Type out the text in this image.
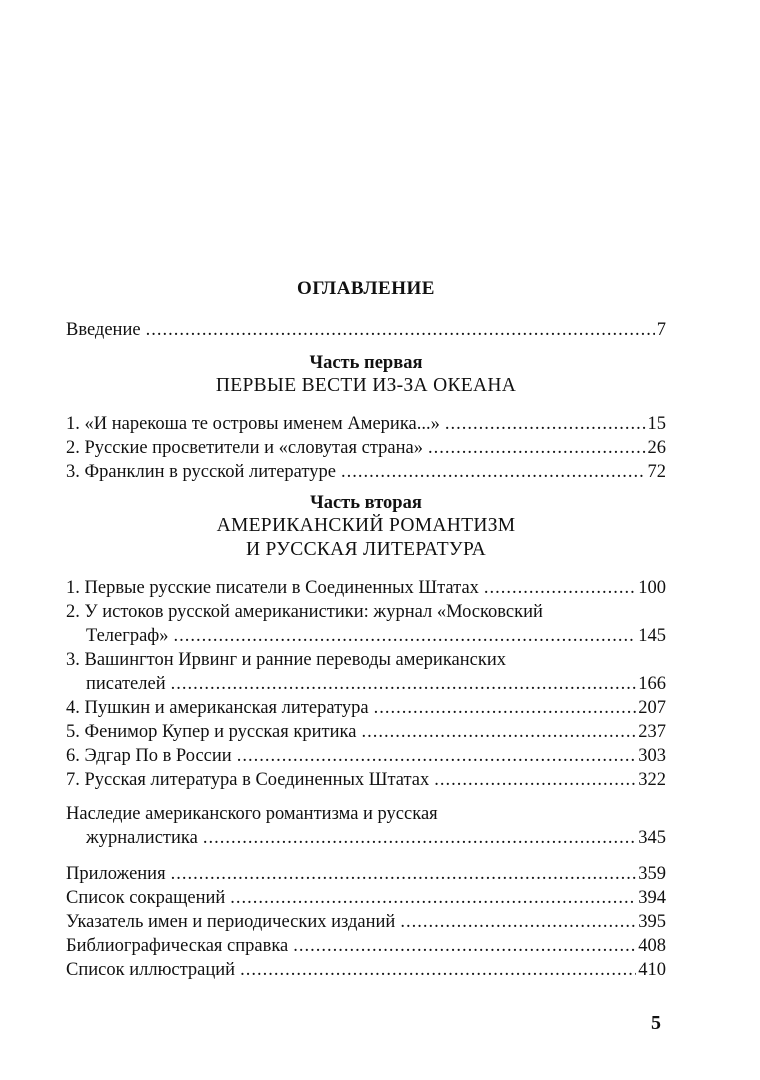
ОГЛАВЛЕНИЕ
Введение .....	7
Часть первая
ПЕРВЫЕ ВЕСТИ ИЗ-ЗА ОКЕАНА
1. «И нарекоша те островы именем Америка...» .....	15
2. Русские просветители и «словутая страна» .....	26
3. Франклин в русской литературе .....	72
Часть вторая
АМЕРИКАНСКИЙ РОМАНТИЗМ
И РУССКАЯ ЛИТЕРАТУРА
1. Первые русские писатели в Соединенных Штатах .....	100
2. У истоков русской американистики: журнал «Московский
Телеграф» .....	145
3. Вашингтон Ирвинг и ранние переводы американских
писателей .....	166
4. Пушкин и американская литература .....	207
5. Фенимор Купер и русская критика .....	237
6. Эдгар По в России .....	303
7. Русская литература в Соединенных Штатах .....	322
Наследие американского романтизма и русская
журналистика .....	345
Приложения .....	359
Список сокращений .....	394
Указатель имен и периодических изданий .....	395
Библиографическая справка .....	408
Список иллюстраций .....	410
5
